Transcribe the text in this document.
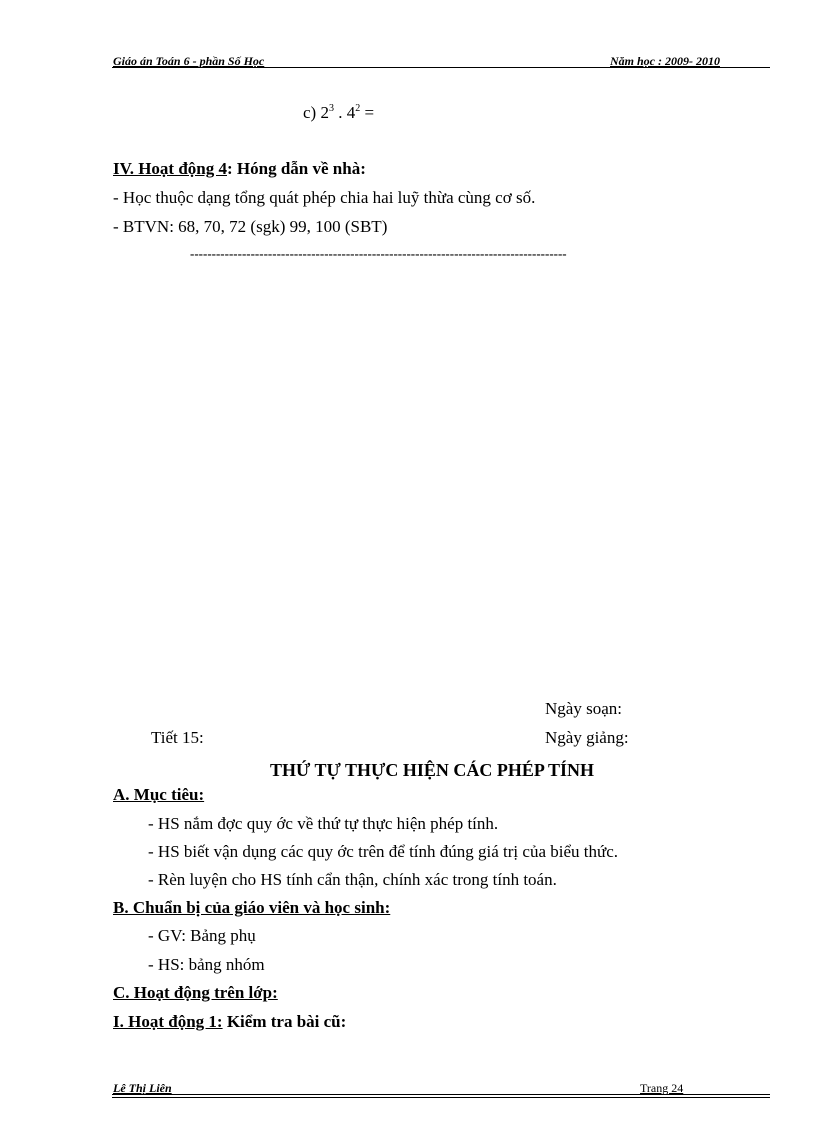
Giáo án Toán 6 - phần Số Học	Năm học : 2009- 2010
c) $2^3$ . $4^2$ =
IV. Hoạt động 4: Hóng dẫn về nhà:
- Học thuộc dạng tổng quát phép chia hai luỹ thừa cùng cơ số.
- BTVN: 68, 70, 72 (sgk) 99, 100 (SBT)
---------------------------------------------------------------------------------------
Ngày soạn:
Tiết 15:	Ngày giảng:
THỨ TỰ THỰC HIỆN CÁC PHÉP TÍNH
A. Mục tiêu:
- HS nắm đợc quy ớc về thứ tự thực hiện phép tính.
- HS biết vận dụng các quy ớc trên để tính đúng giá trị của biểu thức.
- Rèn luyện cho HS tính cẩn thận, chính xác trong tính toán.
B. Chuẩn bị của giáo viên và học sinh:
- GV: Bảng phụ
- HS: bảng nhóm
C. Hoạt động trên lớp:
I. Hoạt động 1: Kiểm tra bài cũ:
Lê Thị Liên	Trang 24
